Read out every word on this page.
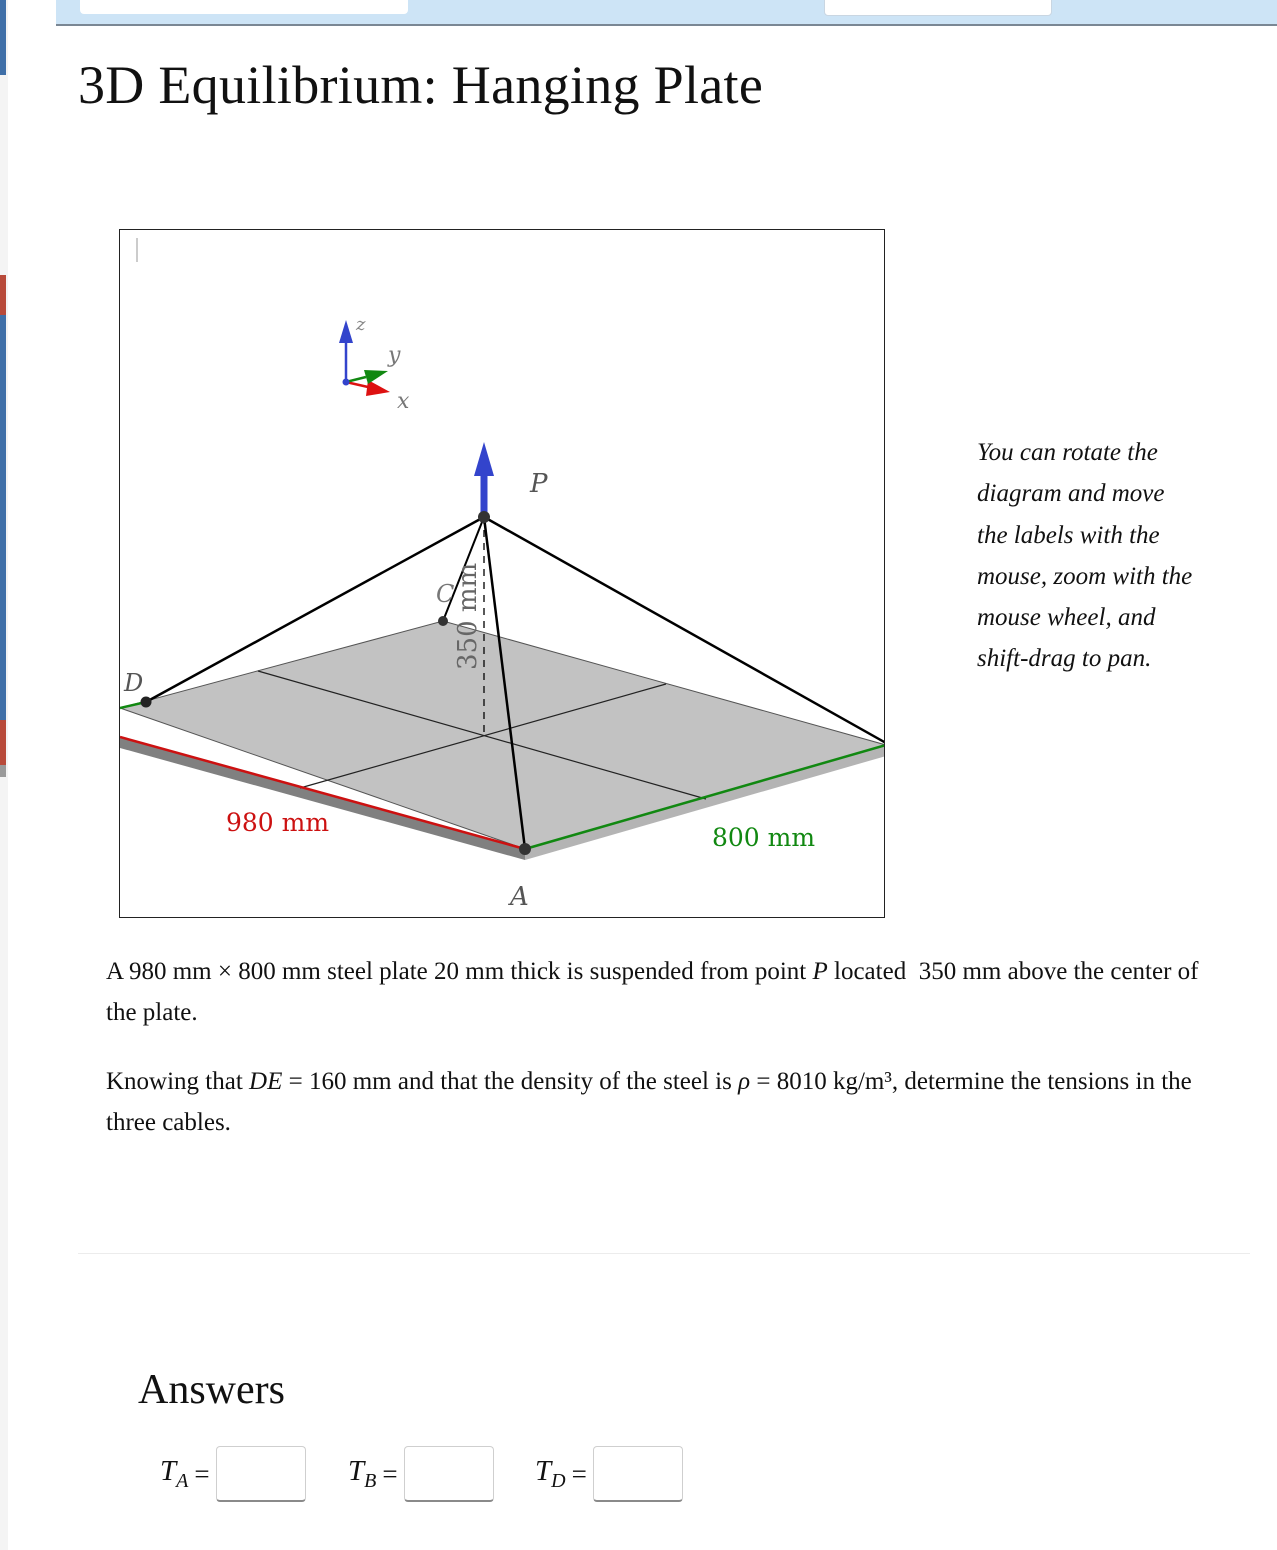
3D Equilibrium: Hanging Plate
P
C
D
A
350 mm
980 mm
800 mm
z
y
x
You can rotate the diagram and move the labels with the mouse, zoom with the mouse wheel, and shift-drag to pan.
A 980 mm × 800 mm steel plate 20 mm thick is suspended from point P located 350 mm above the center of the plate.
Knowing that DE = 160 mm and that the density of the steel is ρ = 8010 kg/m³, determine the tensions in the three cables.
Answers
$T_A$ =	$T_B$ =	$T_D$ =
